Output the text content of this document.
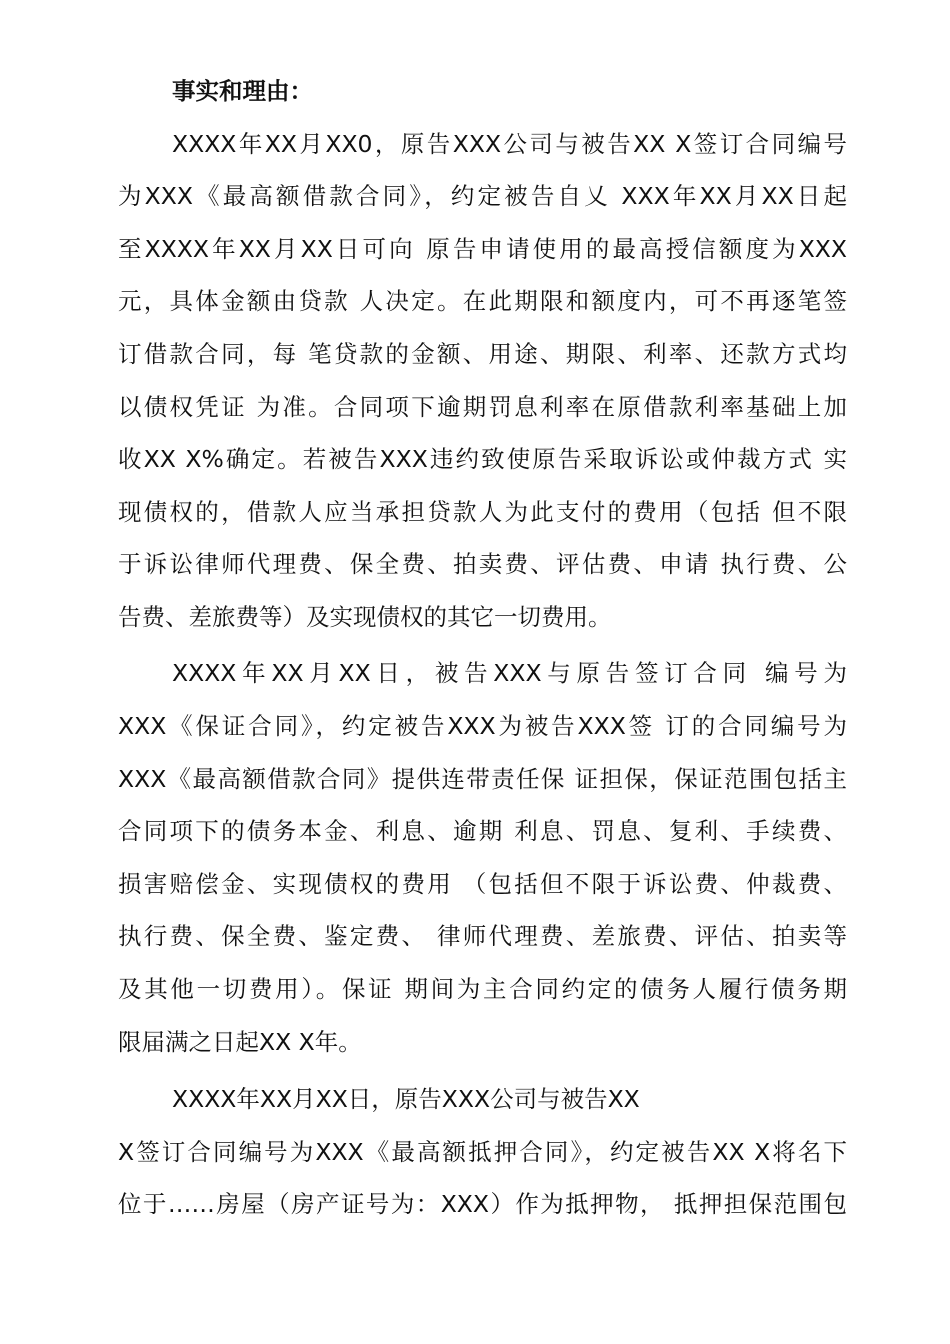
事实和理由：
XXXX年XX月XX0，原告XXX公司与被告XX X签订合同编号
为XXX《最高额借款合同》，约定被告自乂 XXX年XX月XX日起
至XXXX年XX月XX日可向 原告申请使用的最高授信额度为XXX
元，具体金额由贷款 人决定。在此期限和额度内，可不再逐笔签
订借款合同，每 笔贷款的金额、用途、期限、利率、还款方式均
以债权凭证 为准。合同项下逾期罚息利率在原借款利率基础上加
收XX X%确定。若被告XXX违约致使原告采取诉讼或仲裁方式 实
现债权的，借款人应当承担贷款人为此支付的费用（包括 但不限
于诉讼律师代理费、保全费、拍卖费、评估费、申请 执行费、公
告费、差旅费等）及实现债权的其它一切费用。
XXXX年XX月XX日，被告XXX与原告签订合同 编号为
XXX《保证合同》，约定被告XXX为被告XXX签 订的合同编号为
XXX《最高额借款合同》提供连带责任保 证担保，保证范围包括主
合同项下的债务本金、利息、逾期 利息、罚息、复利、手续费、
损害赔偿金、实现债权的费用 （包括但不限于诉讼费、仲裁费、
执行费、保全费、鉴定费、 律师代理费、差旅费、评估、拍卖等
及其他一切费用）。保证 期间为主合同约定的债务人履行债务期
限届满之日起XX X年。
XXXX年XX月XX日，原告XXX公司与被告XX
X签订合同编号为XXX《最高额抵押合同》，约定被告XX X将名下
位于……房屋（房产证号为：XXX）作为抵押物， 抵押担保范围包
